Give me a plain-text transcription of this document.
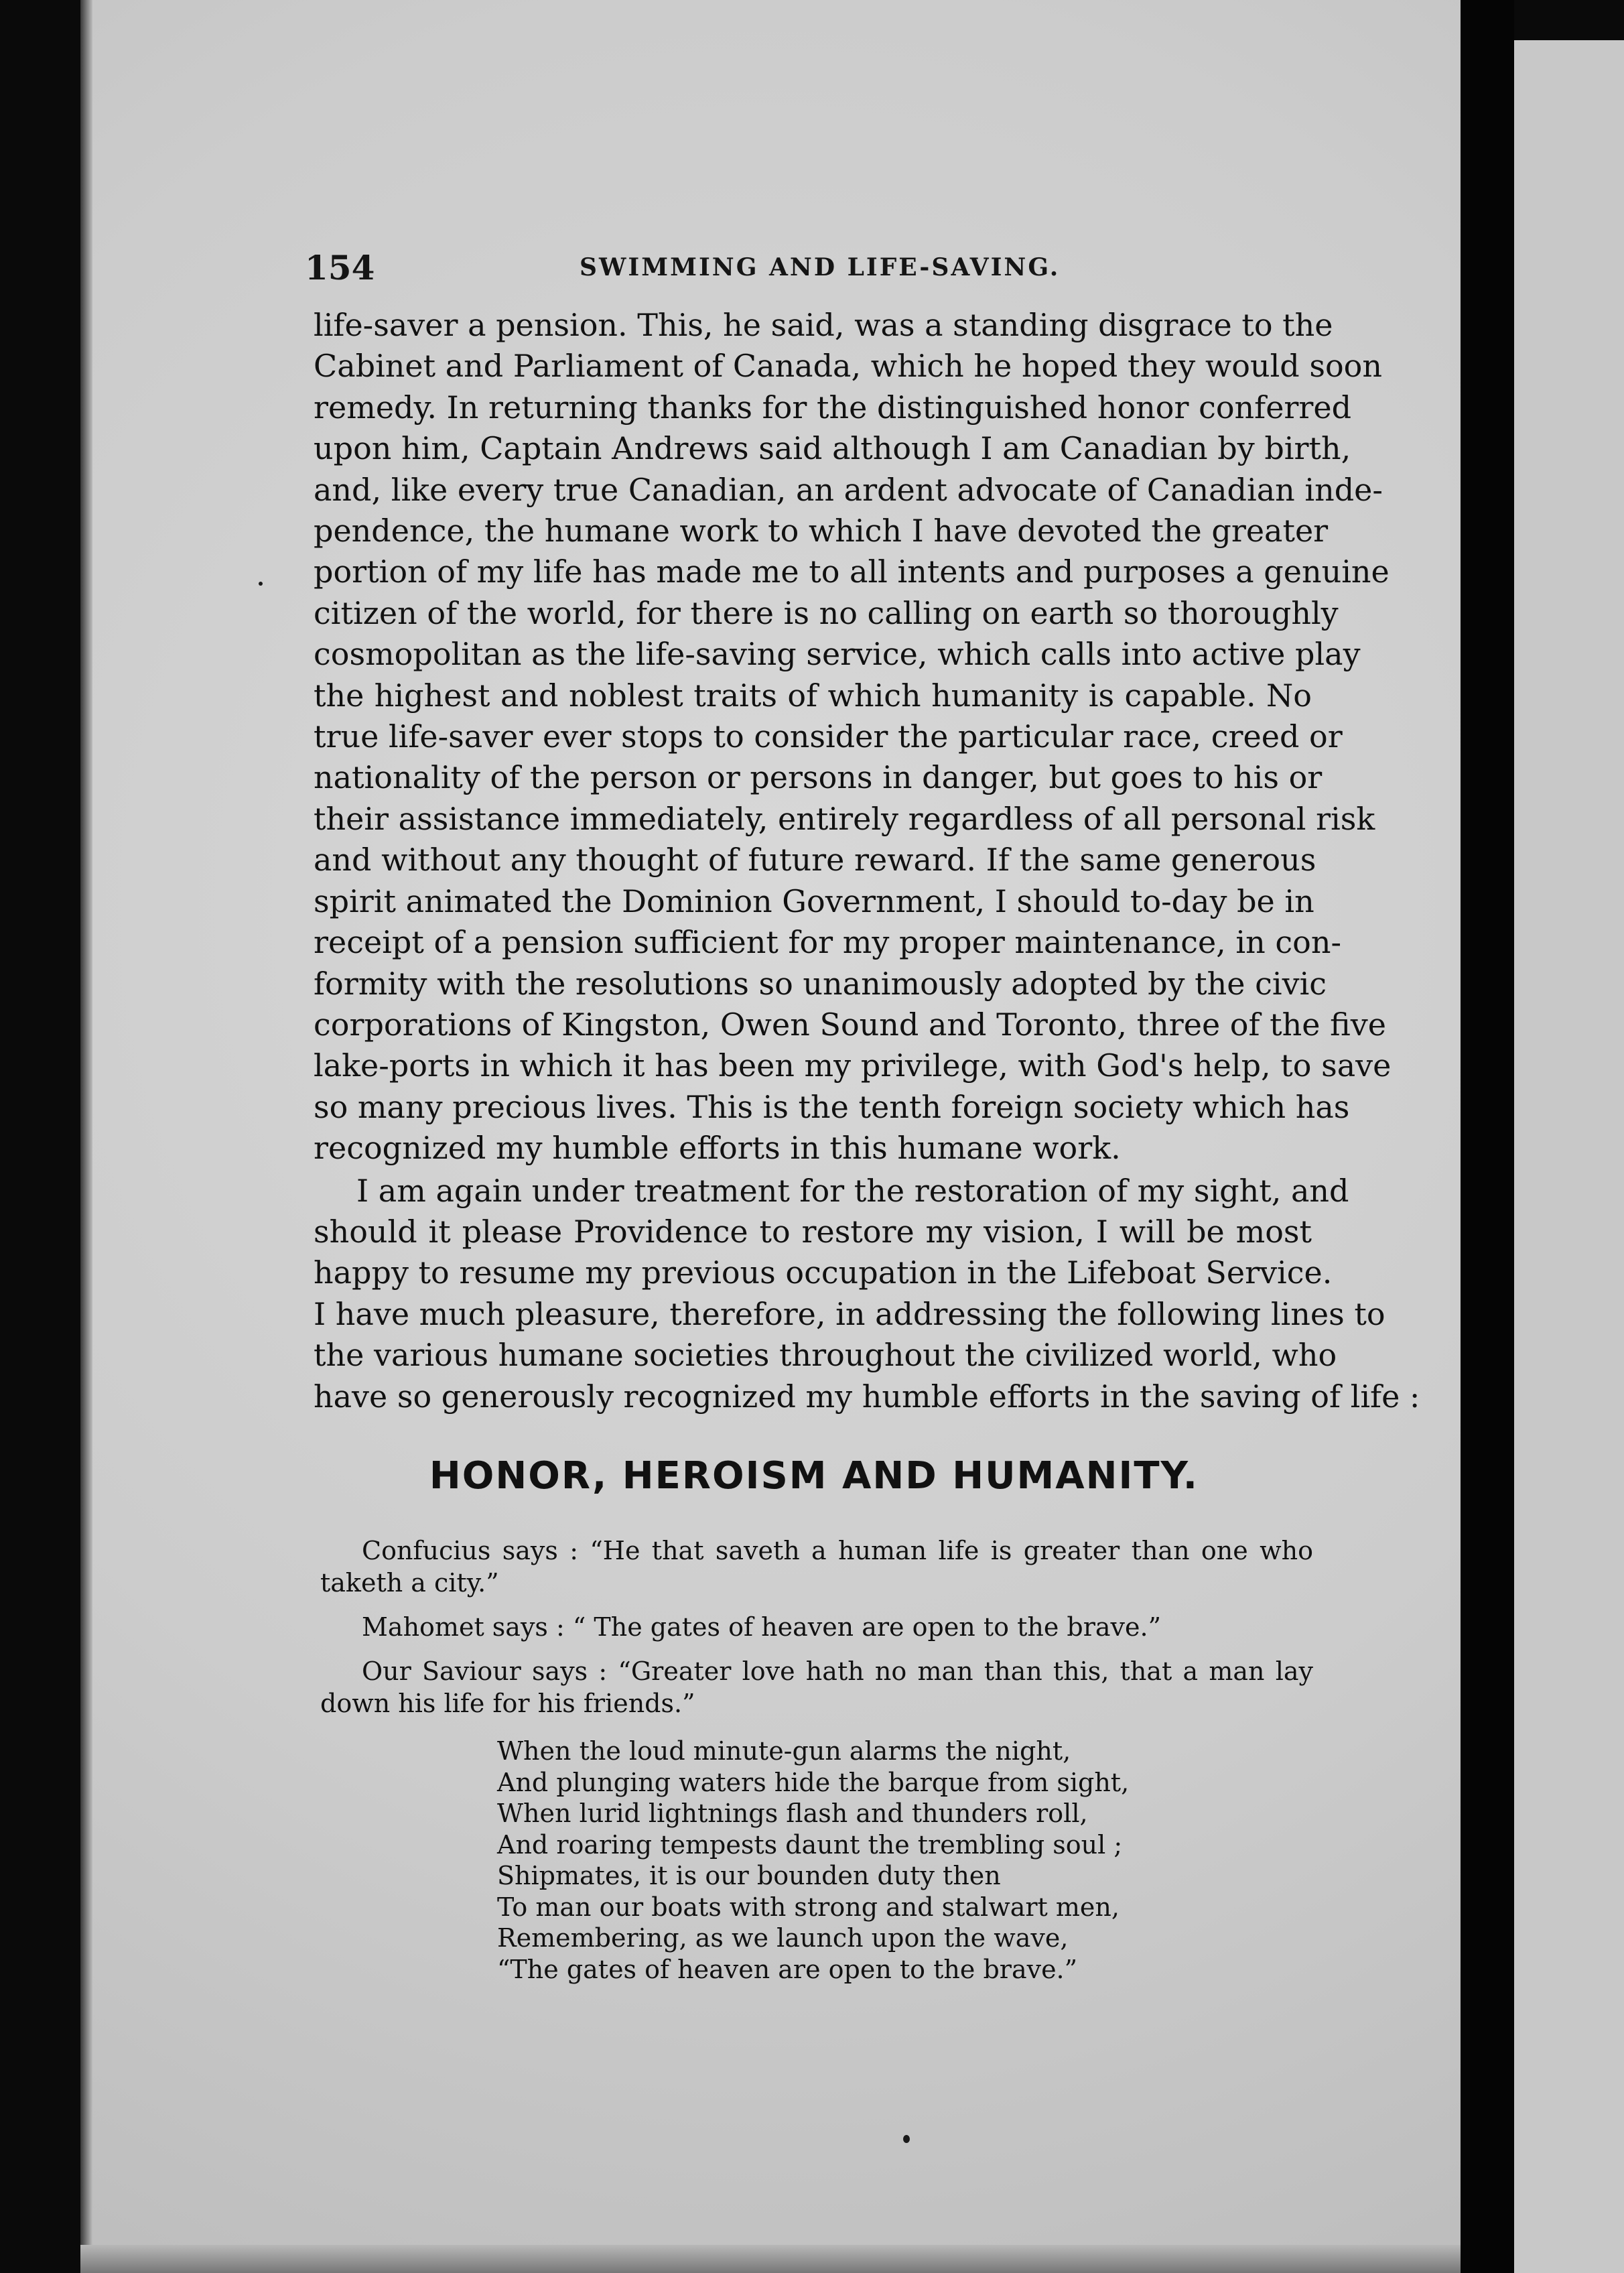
154	SWIMMING AND LIFE-SAVING.
life-saver a pension. This, he said, was a standing disgrace to the
Cabinet and Parliament of Canada, which he hoped they would soon
remedy. In returning thanks for the distinguished honor conferred
upon him, Captain Andrews said although I am Canadian by birth,
and, like every true Canadian, an ardent advocate of Canadian inde-
pendence, the humane work to which I have devoted the greater
portion of my life has made me to all intents and purposes a genuine
citizen of the world, for there is no calling on earth so thoroughly
cosmopolitan as the life-saving service, which calls into active play
the highest and noblest traits of which humanity is capable. No
true life-saver ever stops to consider the particular race, creed or
nationality of the person or persons in danger, but goes to his or
their assistance immediately, entirely regardless of all personal risk
and without any thought of future reward. If the same generous
spirit animated the Dominion Government, I should to-day be in
receipt of a pension sufficient for my proper maintenance, in con-
formity with the resolutions so unanimously adopted by the civic
corporations of Kingston, Owen Sound and Toronto, three of the five
lake-ports in which it has been my privilege, with God's help, to save
so many precious lives. This is the tenth foreign society which has
recognized my humble efforts in this humane work.
I am again under treatment for the restoration of my sight, and
should it please Providence to restore my vision, I will be most
happy to resume my previous occupation in the Lifeboat Service.
I have much pleasure, therefore, in addressing the following lines to
the various humane societies throughout the civilized world, who
have so generously recognized my humble efforts in the saving of life :
HONOR, HEROISM AND HUMANITY.
Confucius says : “He that saveth a human life is greater than one who
taketh a city.”
Mahomet says : “ The gates of heaven are open to the brave.”
Our Saviour says : “Greater love hath no man than this, that a man lay
down his life for his friends.”
When the loud minute-gun alarms the night,
And plunging waters hide the barque from sight,
When lurid lightnings flash and thunders roll,
And roaring tempests daunt the trembling soul ;
Shipmates, it is our bounden duty then
To man our boats with strong and stalwart men,
Remembering, as we launch upon the wave,
“The gates of heaven are open to the brave.”
